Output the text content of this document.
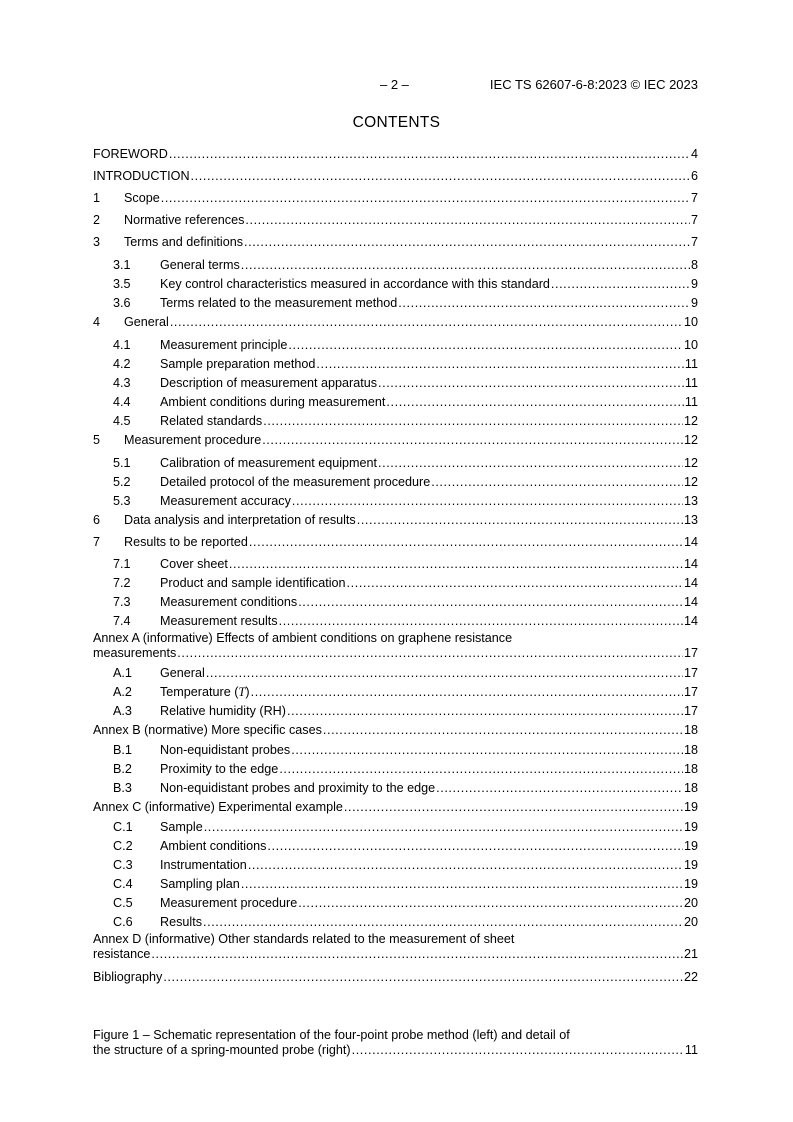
– 2 –	IEC TS 62607-6-8:2023 © IEC 2023
CONTENTS
FOREWORD .....	4
INTRODUCTION .....	6
1	Scope .....	7
2	Normative references .....	7
3	Terms and definitions .....	7
3.1	General terms .....	8
3.5	Key control characteristics measured in accordance with this standard .....	9
3.6	Terms related to the measurement method .....	9
4	General .....	10
4.1	Measurement principle .....	10
4.2	Sample preparation method .....	11
4.3	Description of measurement apparatus .....	11
4.4	Ambient conditions during measurement .....	11
4.5	Related standards .....	12
5	Measurement procedure .....	12
5.1	Calibration of measurement equipment .....	12
5.2	Detailed protocol of the measurement procedure .....	12
5.3	Measurement accuracy .....	13
6	Data analysis and interpretation of results .....	13
7	Results to be reported .....	14
7.1	Cover sheet .....	14
7.2	Product and sample identification .....	14
7.3	Measurement conditions .....	14
7.4	Measurement results .....	14
Annex A (informative) Effects of ambient conditions on graphene resistance
measurements .....	17
A.1	General .....	17
A.2	Temperature (T) .....	17
A.3	Relative humidity (RH) .....	17
Annex B (normative) More specific cases .....	18
B.1	Non-equidistant probes .....	18
B.2	Proximity to the edge .....	18
B.3	Non-equidistant probes and proximity to the edge .....	18
Annex C (informative) Experimental example .....	19
C.1	Sample .....	19
C.2	Ambient conditions .....	19
C.3	Instrumentation .....	19
C.4	Sampling plan .....	19
C.5	Measurement procedure .....	20
C.6	Results .....	20
Annex D (informative) Other standards related to the measurement of sheet
resistance .....	21
Bibliography .....	22
Figure 1 – Schematic representation of the four-point probe method (left) and detail of
the structure of a spring-mounted probe (right) .....	11
